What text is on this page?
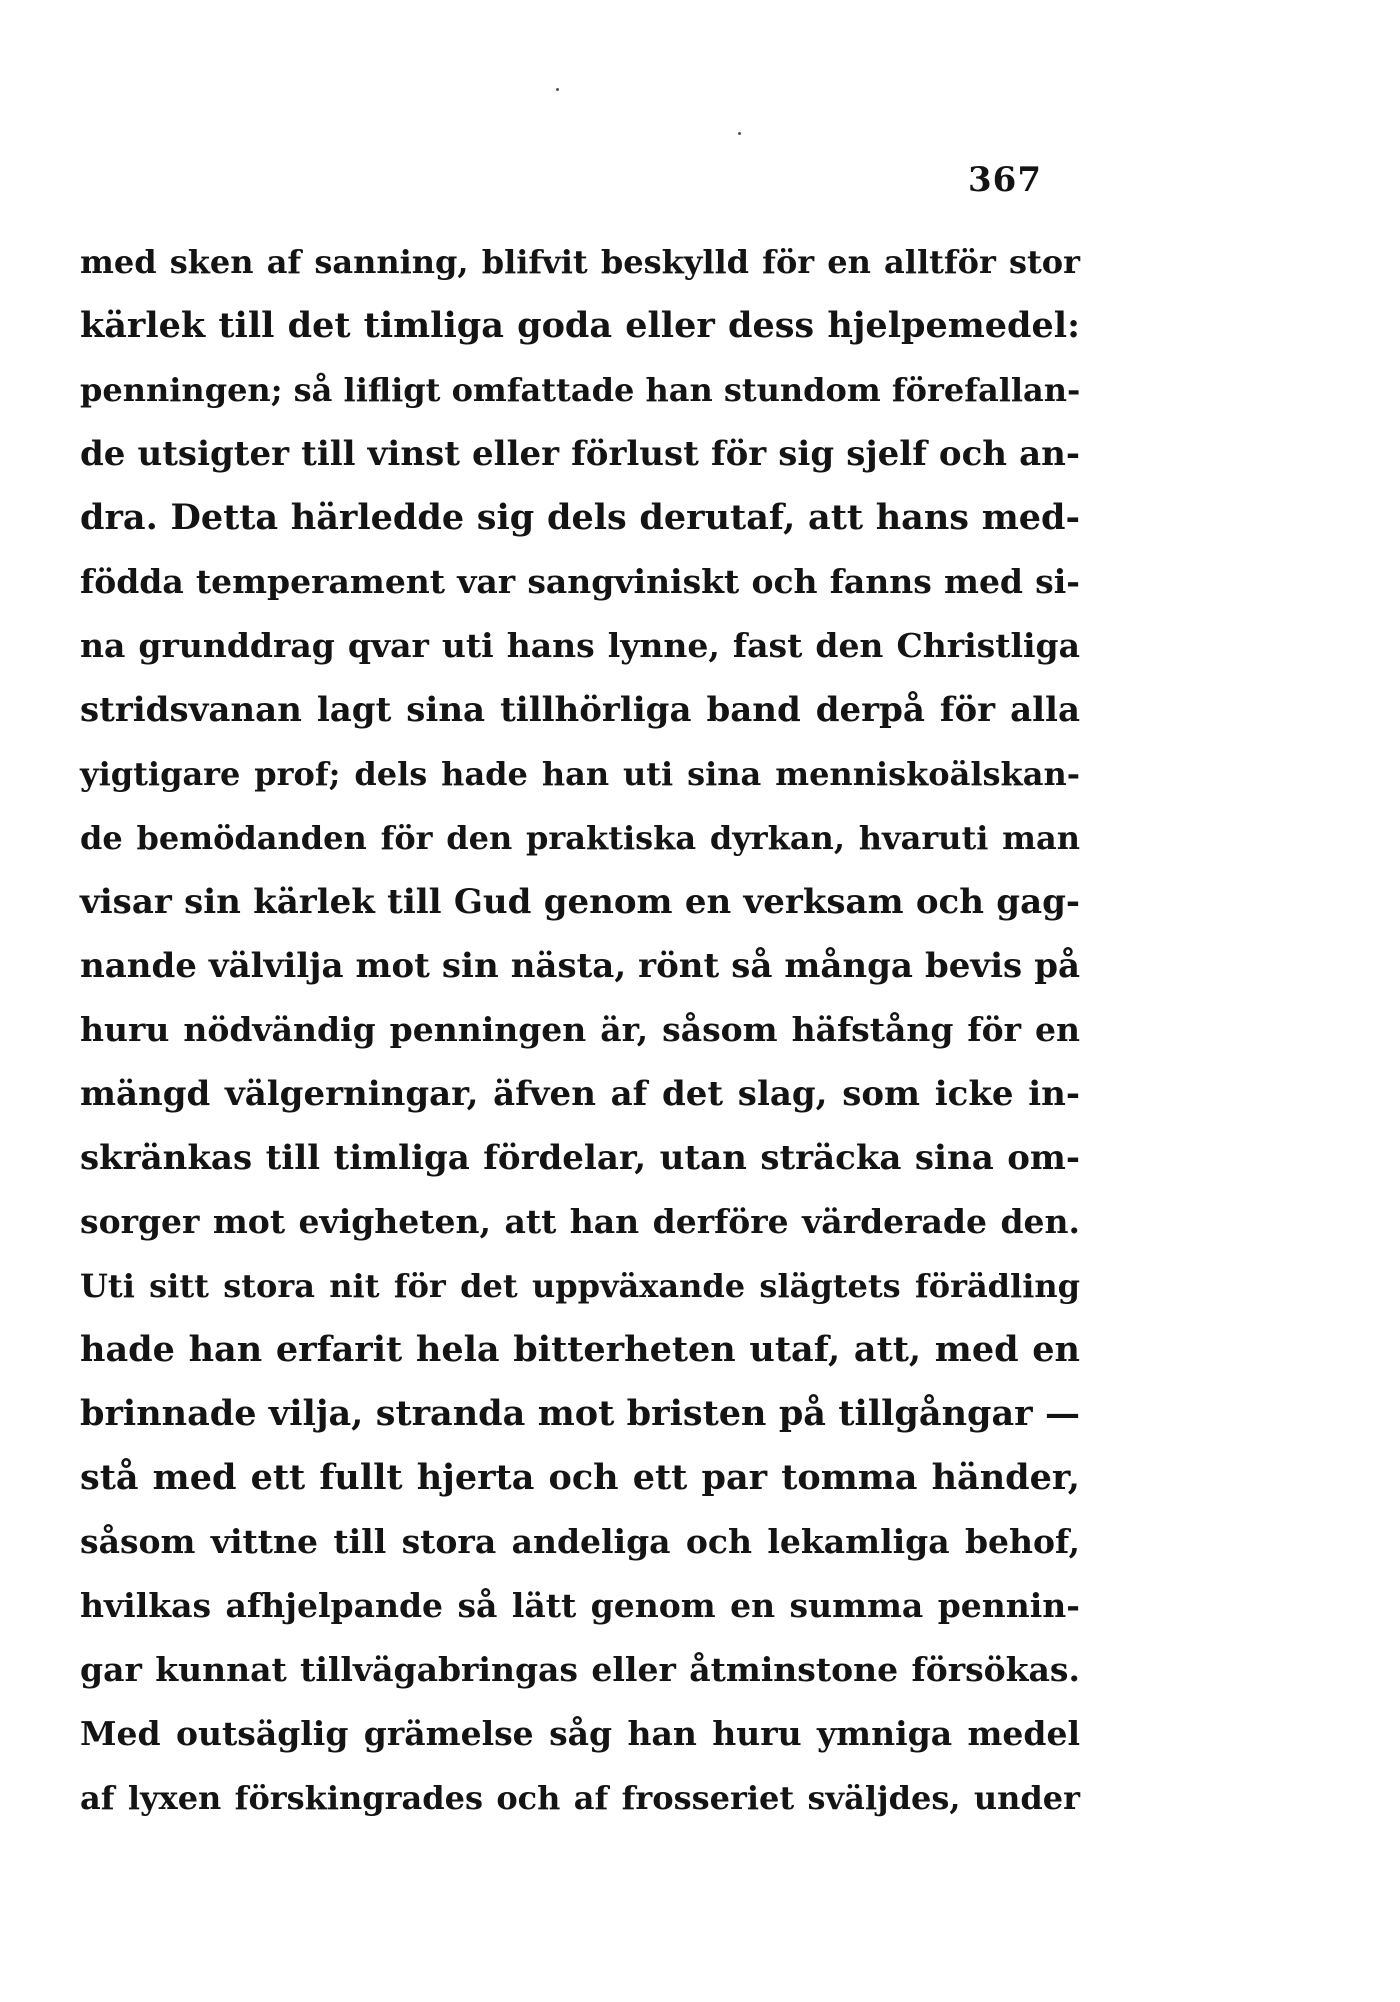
367
med sken af sanning, blifvit beskylld för en alltför stor
kärlek till det timliga goda eller dess hjelpemedel:
penningen; så lifligt omfattade han stundom förefallan-
de utsigter till vinst eller förlust för sig sjelf och an-
dra. Detta härledde sig dels derutaf, att hans med-
födda temperament var sangviniskt och fanns med si-
na grunddrag qvar uti hans lynne, fast den Christliga
stridsvanan lagt sina tillhörliga band derpå för alla
yigtigare prof; dels hade han uti sina menniskoälskan-
de bemödanden för den praktiska dyrkan, hvaruti man
visar sin kärlek till Gud genom en verksam och gag-
nande välvilja mot sin nästa, rönt så många bevis på
huru nödvändig penningen är, såsom häfstång för en
mängd välgerningar, äfven af det slag, som icke in-
skränkas till timliga fördelar, utan sträcka sina om-
sorger mot evigheten, att han derföre värderade den.
Uti sitt stora nit för det uppväxande slägtets förädling
hade han erfarit hela bitterheten utaf, att, med en
brinnade vilja, stranda mot bristen på tillgångar —
stå med ett fullt hjerta och ett par tomma händer,
såsom vittne till stora andeliga och lekamliga behof,
hvilkas afhjelpande så lätt genom en summa pennin-
gar kunnat tillvägabringas eller åtminstone försökas.
Med outsäglig grämelse såg han huru ymniga medel
af lyxen förskingrades och af frosseriet sväljdes, under
